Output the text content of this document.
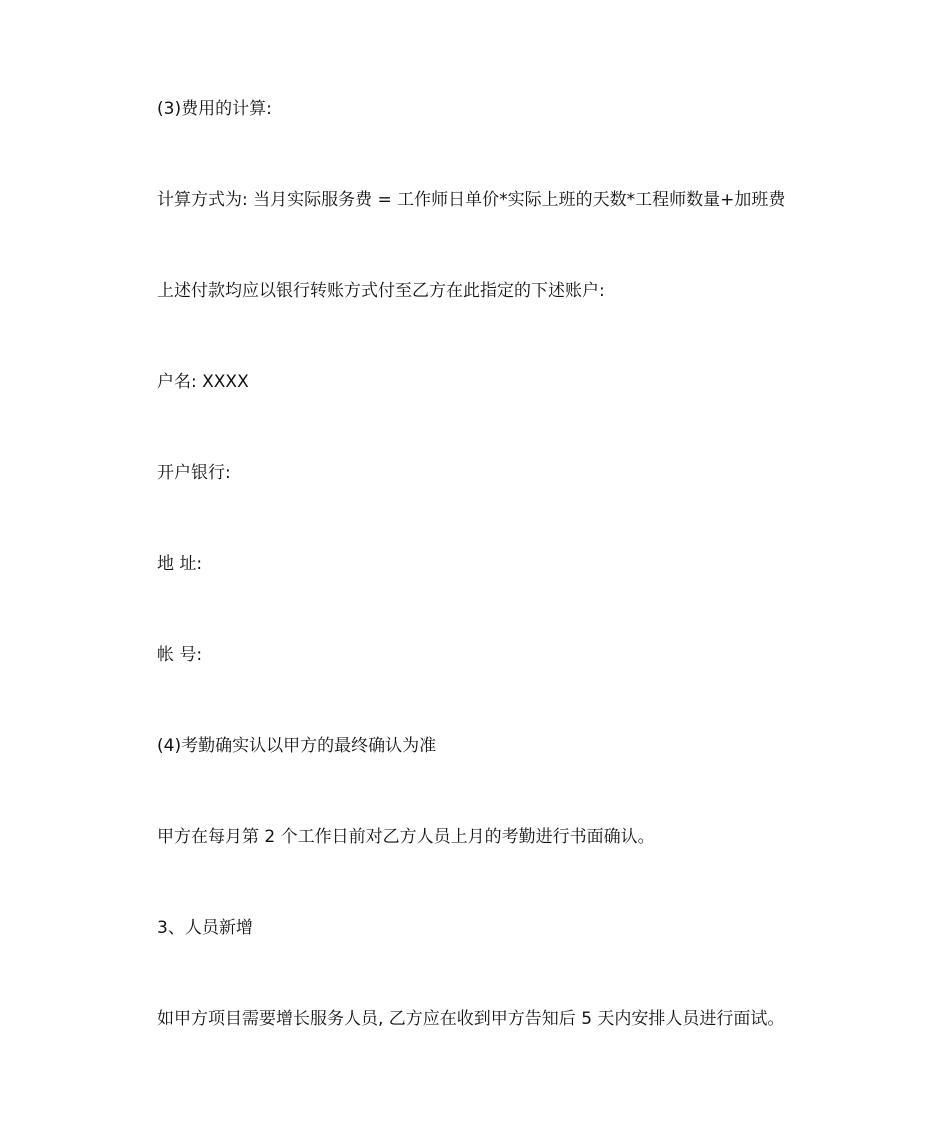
(3)费用的计算:
计算方式为: 当月实际服务费 = 工作师日单价*实际上班的天数*工程师数量+加班费
上述付款均应以银行转账方式付至乙方在此指定的下述账户:
户名: XXXX
开户银行:
地 址:
帐 号:
(4)考勤确实认以甲方的最终确认为准
甲方在每月第 2 个工作日前对乙方人员上月的考勤进行书面确认。
3、人员新增
如甲方项目需要增长服务人员, 乙方应在收到甲方告知后 5 天内安排人员进行面试。
